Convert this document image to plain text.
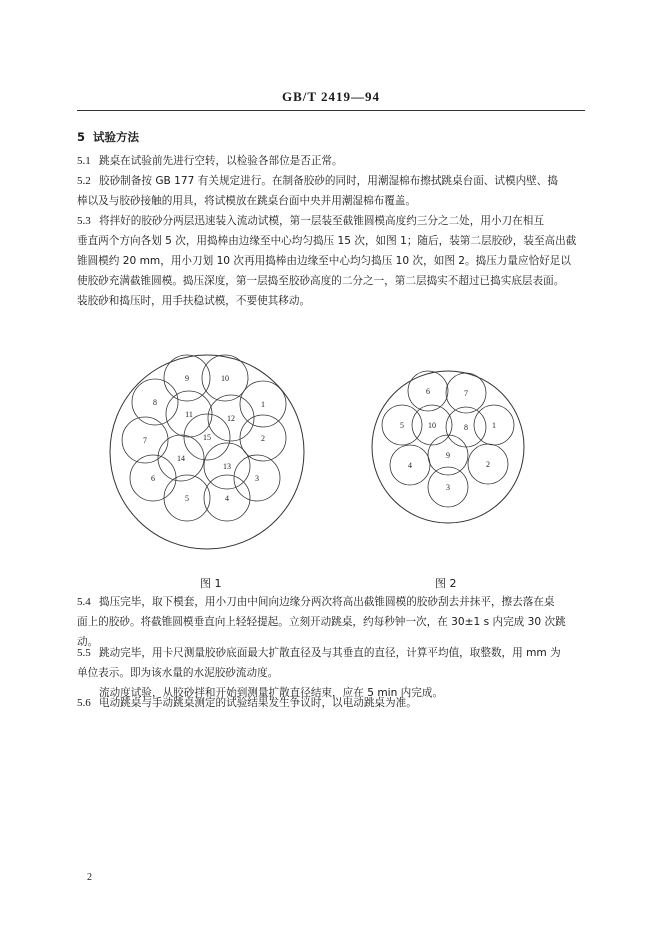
GB/T 2419—94
5 试验方法
5.1 跳桌在试验前先进行空转，以检验各部位是否正常。
5.2 胶砂制备按 GB 177 有关规定进行。在制备胶砂的同时，用潮湿棉布擦拭跳桌台面、试模内壁、捣
棒以及与胶砂接触的用具，将试模放在跳桌台面中央并用潮湿棉布覆盖。
5.3 将拌好的胶砂分两层迅速装入流动试模，第一层装至截锥圆模高度约三分之二处，用小刀在相互
垂直两个方向各划 5 次，用捣棒由边缘至中心均匀捣压 15 次，如图 1；随后，装第二层胶砂，装至高出截
锥圆模约 20 mm，用小刀划 10 次再用捣棒由边缘至中心均匀捣压 10 次，如图 2。捣压力量应恰好足以
使胶砂充满截锥圆模。捣压深度，第一层捣至胶砂高度的二分之一，第二层捣实不超过已捣实底层表面。
装胶砂和捣压时，用手扶稳试模，不要使其移动。
1
2
3
4
5
6
7
8
9	10
11	12
13
14
15
1
2
3
4
5
6	7
8
9
10
图 1	图 2
5.4 捣压完毕，取下模套，用小刀由中间向边缘分两次将高出截锥圆模的胶砂刮去并抹平，擦去落在桌
面上的胶砂。将截锥圆模垂直向上轻轻提起。立刻开动跳桌，约每秒钟一次，在 30±1 s 内完成 30 次跳
动。
5.5 跳动完毕，用卡尺测量胶砂底面最大扩散直径及与其垂直的直径，计算平均值，取整数，用 mm 为
单位表示。即为该水量的水泥胶砂流动度。
流动度试验，从胶砂拌和开始到测量扩散直径结束，应在 5 min 内完成。
5.6 电动跳桌与手动跳桌测定的试验结果发生争议时，以电动跳桌为准。
2
